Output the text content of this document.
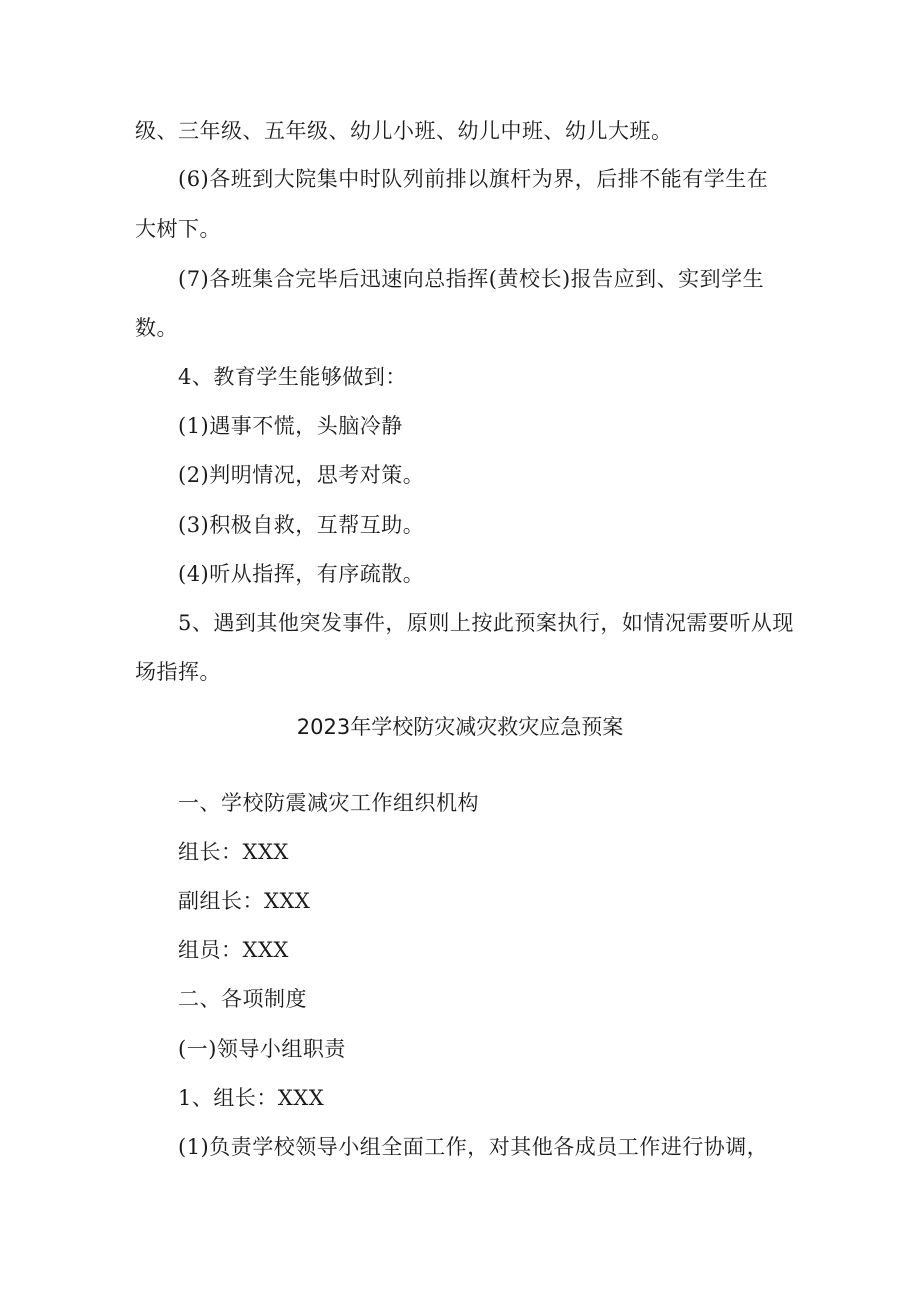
级、三年级、五年级、幼儿小班、幼儿中班、幼儿大班。

(6)各班到大院集中时队列前排以旗杆为界，后排不能有学生在

大树下。

(7)各班集合完毕后迅速向总指挥(黄校长)报告应到、实到学生

数。

4、教育学生能够做到：

(1)遇事不慌，头脑冷静

(2)判明情况，思考对策。

(3)积极自救，互帮互助。

(4)听从指挥，有序疏散。

5、遇到其他突发事件，原则上按此预案执行，如情况需要听从现

场指挥。

2023年学校防灾减灾救灾应急预案

一、学校防震减灾工作组织机构

组长：XXX

副组长：XXX

组员：XXX

二、各项制度

(一)领导小组职责

1、组长：XXX

(1)负责学校领导小组全面工作，对其他各成员工作进行协调，
